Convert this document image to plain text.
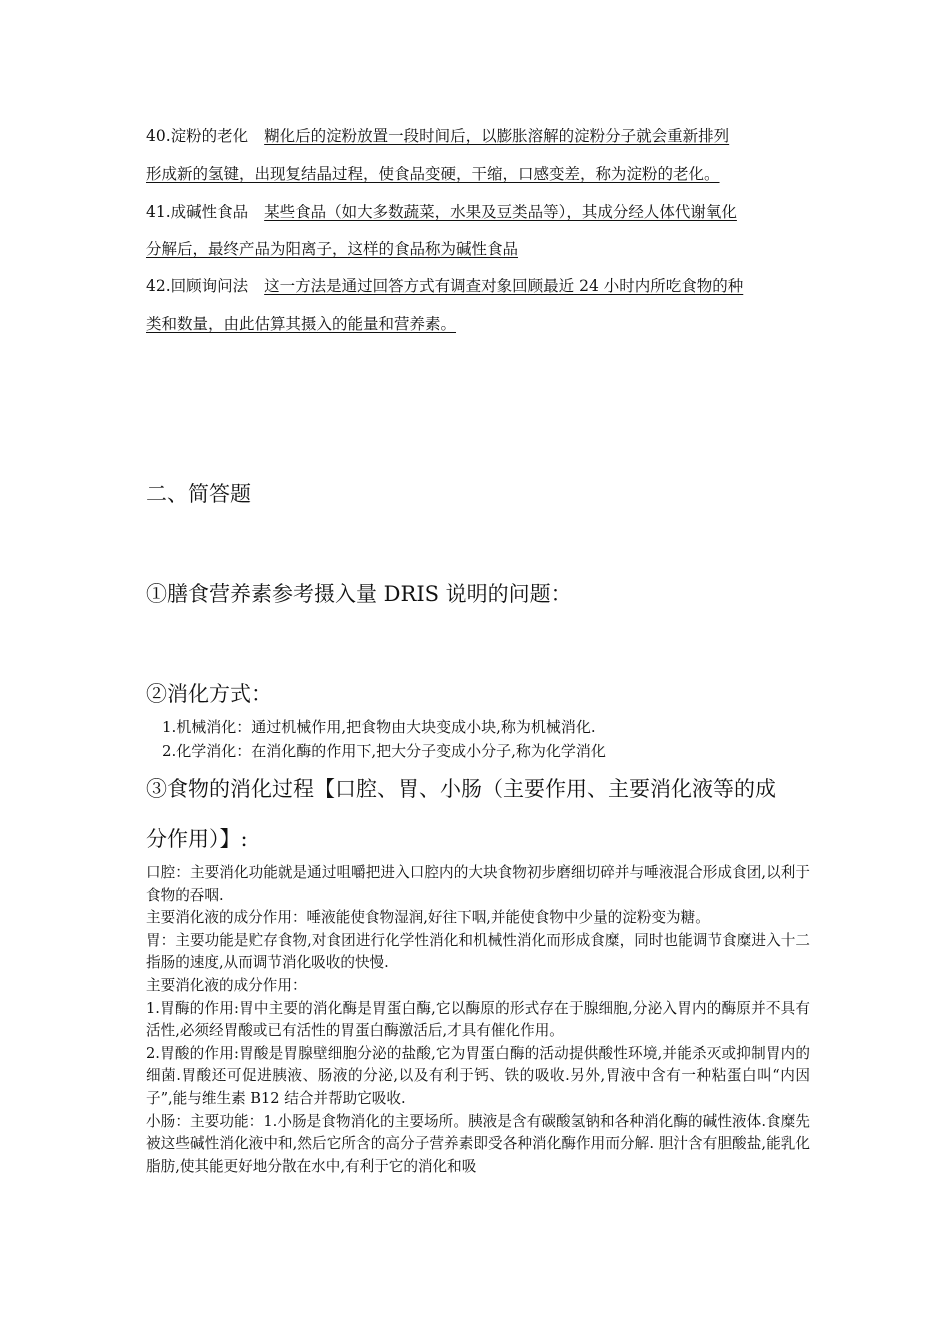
40.淀粉的老化 糊化后的淀粉放置一段时间后，以膨胀溶解的淀粉分子就会重新排列
形成新的氢键，出现复结晶过程，使食品变硬，干缩，口感变差，称为淀粉的老化。
41.成碱性食品 某些食品（如大多数蔬菜，水果及豆类品等），其成分经人体代谢氧化
分解后，最终产品为阳离子，这样的食品称为碱性食品
42.回顾询问法 这一方法是通过回答方式有调查对象回顾最近 24 小时内所吃食物的种
类和数量，由此估算其摄入的能量和营养素。
二、简答题
①膳食营养素参考摄入量 DRIS 说明的问题：
②消化方式：
1.机械消化：通过机械作用,把食物由大块变成小块,称为机械消化.
2.化学消化：在消化酶的作用下,把大分子变成小分子,称为化学消化
③食物的消化过程【口腔、胃、小肠（主要作用、主要消化液等的成
分作用）】:

口腔：主要消化功能就是通过咀嚼把进入口腔内的大块食物初步磨细切碎并与唾液混合形成食团,以利于食物的吞咽.

主要消化液的成分作用：唾液能使食物湿润,好往下咽,并能使食物中少量的淀粉变为糖。

胃：主要功能是贮存食物,对食团进行化学性消化和机械性消化而形成食糜，同时也能调节食糜进入十二指肠的速度,从而调节消化吸收的快慢.

主要消化液的成分作用：

1.胃酶的作用:胃中主要的消化酶是胃蛋白酶,它以酶原的形式存在于腺细胞,分泌入胃内的酶原并不具有活性,必须经胃酸或已有活性的胃蛋白酶激活后,才具有催化作用。

2.胃酸的作用:胃酸是胃腺壁细胞分泌的盐酸,它为胃蛋白酶的活动提供酸性环境,并能杀灭或抑制胃内的细菌.胃酸还可促进胰液、肠液的分泌,以及有利于钙、铁的吸收.另外,胃液中含有一种粘蛋白叫“内因子”,能与维生素 B12 结合并帮助它吸收.

小肠：主要功能：1.小肠是食物消化的主要场所。胰液是含有碳酸氢钠和各种消化酶的碱性液体.食糜先被这些碱性消化液中和,然后它所含的高分子营养素即受各种消化酶作用而分解. 胆汁含有胆酸盐,能乳化脂肪,使其能更好地分散在水中,有利于它的消化和吸
